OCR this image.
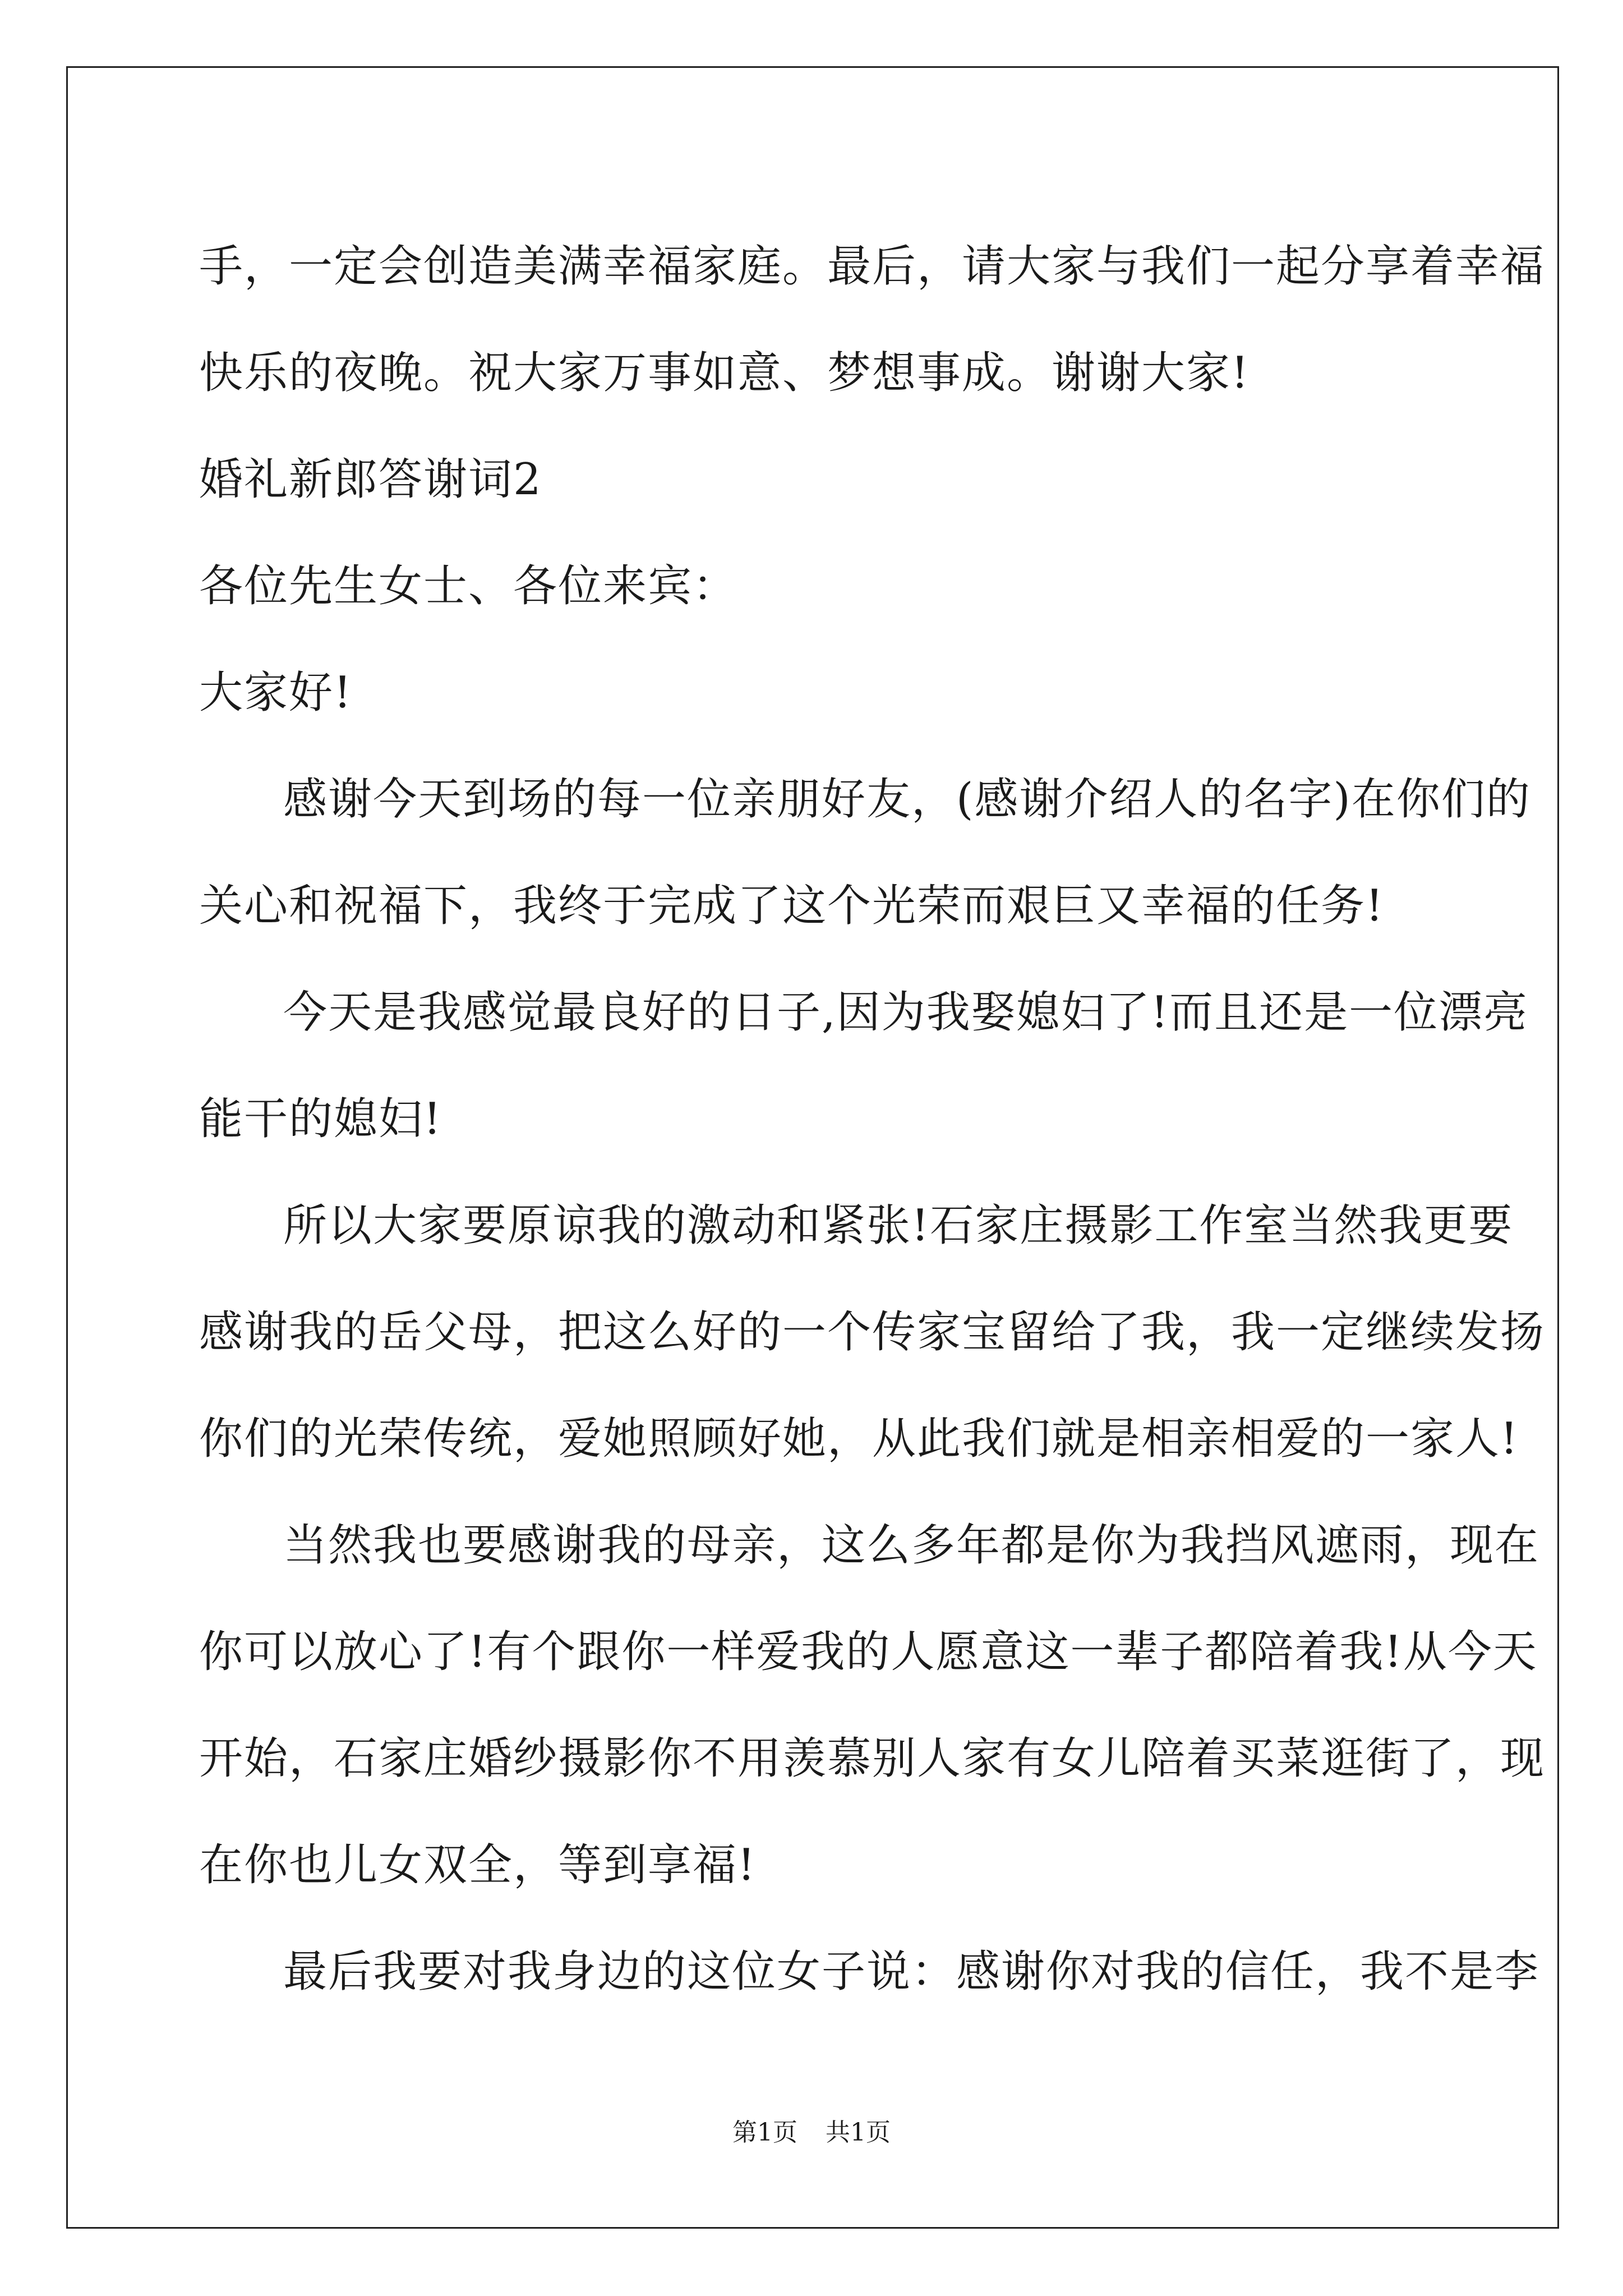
手，一定会创造美满幸福家庭。最后，请大家与我们一起分享着幸福
快乐的夜晚。祝大家万事如意、梦想事成。谢谢大家!
婚礼新郎答谢词2
各位先生女士、各位来宾：
大家好!
感谢今天到场的每一位亲朋好友，(感谢介绍人的名字)在你们的
关心和祝福下，我终于完成了这个光荣而艰巨又幸福的任务!
今天是我感觉最良好的日子,因为我娶媳妇了!而且还是一位漂亮
能干的媳妇!
所以大家要原谅我的激动和紧张!石家庄摄影工作室当然我更要
感谢我的岳父母，把这么好的一个传家宝留给了我，我一定继续发扬
你们的光荣传统，爱她照顾好她，从此我们就是相亲相爱的一家人!
当然我也要感谢我的母亲，这么多年都是你为我挡风遮雨，现在
你可以放心了!有个跟你一样爱我的人愿意这一辈子都陪着我!从今天
开始，石家庄婚纱摄影你不用羡慕别人家有女儿陪着买菜逛街了，现
在你也儿女双全，等到享福!
最后我要对我身边的这位女子说：感谢你对我的信任，我不是李
第1页 共1页
